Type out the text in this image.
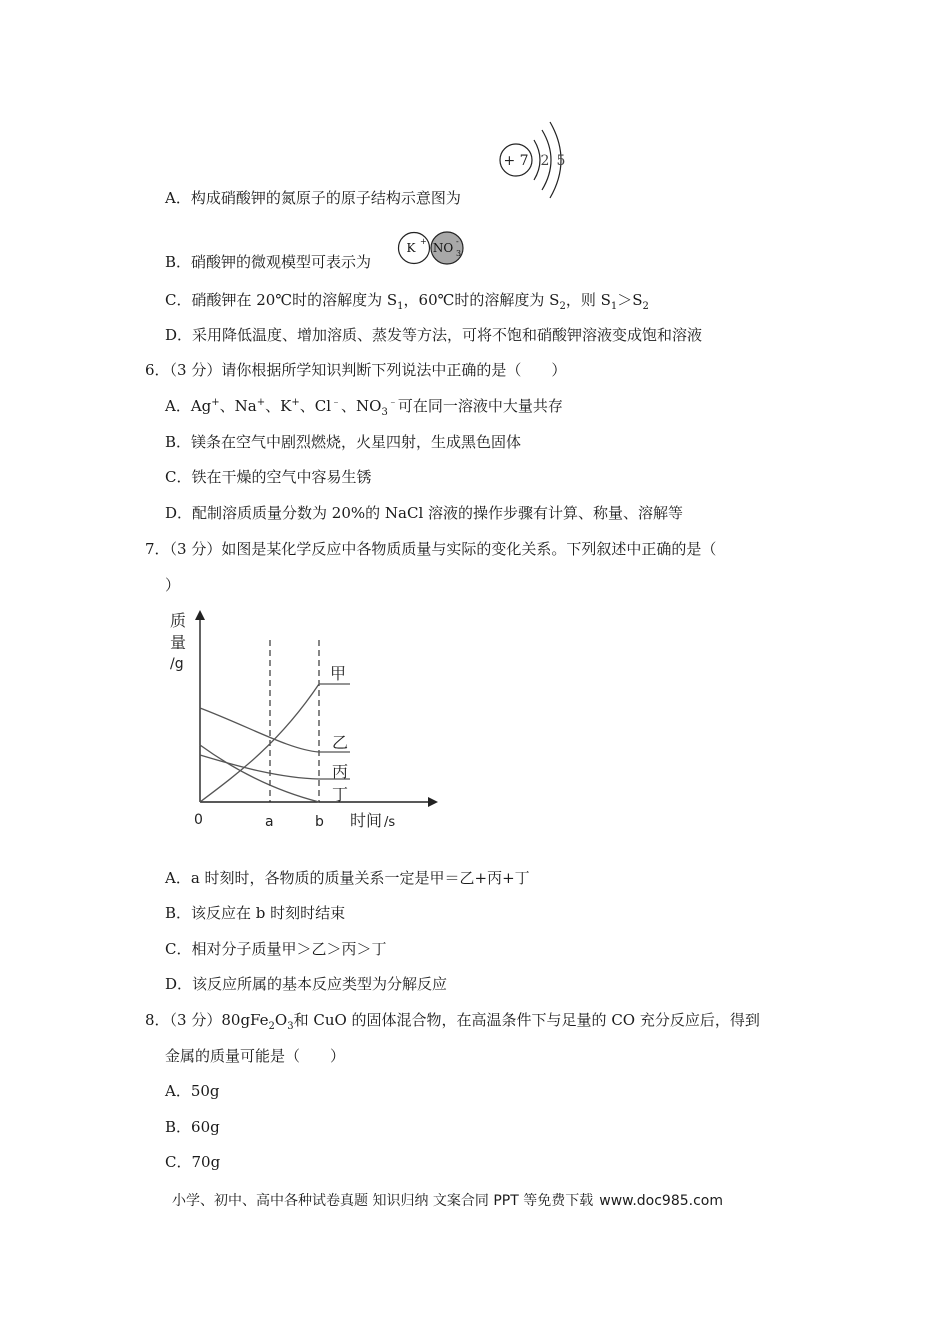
A．构成硝酸钾的氮原子的原子结构示意图为
+ 7 2 5
B．硝酸钾的微观模型可表示为
K + NO 3
-
C．硝酸钾在 20℃时的溶解度为 $S_1$，60℃时的溶解度为 $S_2$，则 $S_1>S_2$
D．采用降低温度、增加溶质、蒸发等方法，可将不饱和硝酸钾溶液变成饱和溶液
6．（3 分）请你根据所学知识判断下列说法中正确的是（　　）
A．Ag+、Na+、K+、Cl﹣、$NO_3^﹣$可在同一溶液中大量共存
B．镁条在空气中剧烈燃烧，火星四射，生成黑色固体
C．铁在干燥的空气中容易生锈
D．配制溶质质量分数为 20%的 NaCl 溶液的操作步骤有计算、称量、溶解等
7．（3 分）如图是某化学反应中各物质质量与实际的变化关系。下列叙述中正确的是（
）
质
量
/g
0	a	b 时间 /s
甲
乙
丙
丁
A．a 时刻时，各物质的质量关系一定是甲＝乙+丙+丁
B．该反应在 b 时刻时结束
C．相对分子质量甲＞乙＞丙＞丁
D．该反应所属的基本反应类型为分解反应
8．（3 分）$80gFe_2O_3$和 CuO 的固体混合物，在高温条件下与足量的 CO 充分反应后，得到
金属的质量可能是（　　）
A．50g
B．60g
C．70g
小学、初中、高中各种试卷真题 知识归纳 文案合同 PPT 等免费下载 www.doc985.com
